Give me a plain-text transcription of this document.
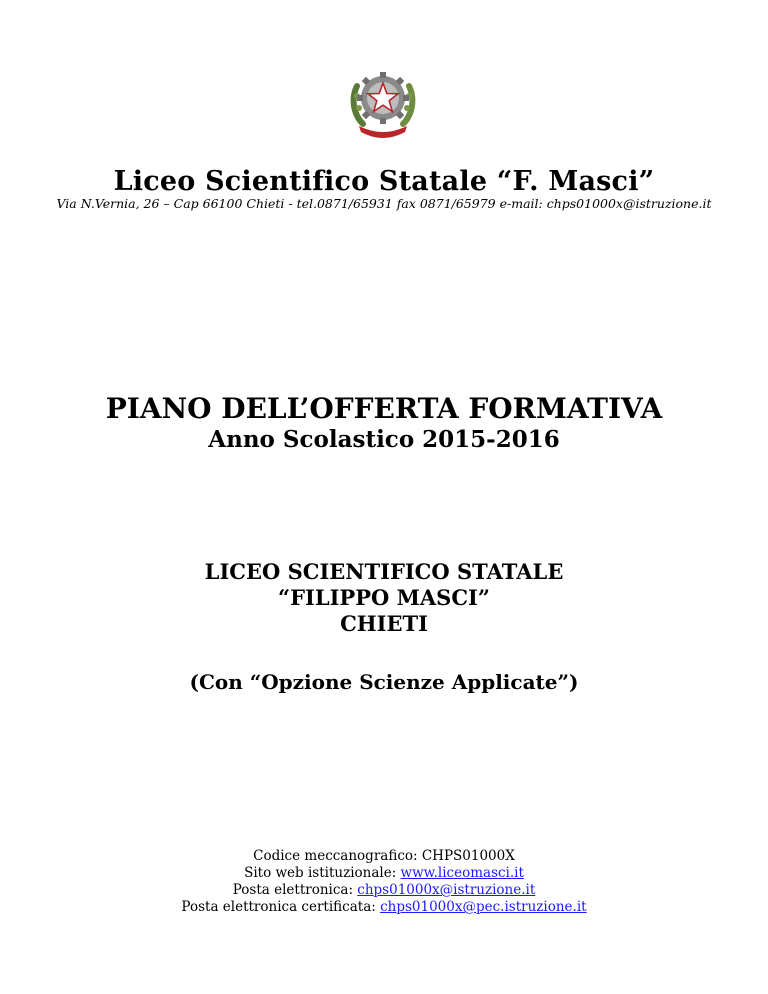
Liceo Scientifico Statale “F. Masci”
Via N.Vernia, 26 – Cap 66100 Chieti - tel.0871/65931 fax 0871/65979 e-mail: chps01000x@istruzione.it
PIANO DELL’OFFERTA FORMATIVA
Anno Scolastico 2015-2016
LICEO SCIENTIFICO STATALE
“FILIPPO MASCI”
CHIETI
(Con “Opzione Scienze Applicate”)
Codice meccanografico: CHPS01000X
Sito web istituzionale: www.liceomasci.it
Posta elettronica: chps01000x@istruzione.it
Posta elettronica certificata: chps01000x@pec.istruzione.it
